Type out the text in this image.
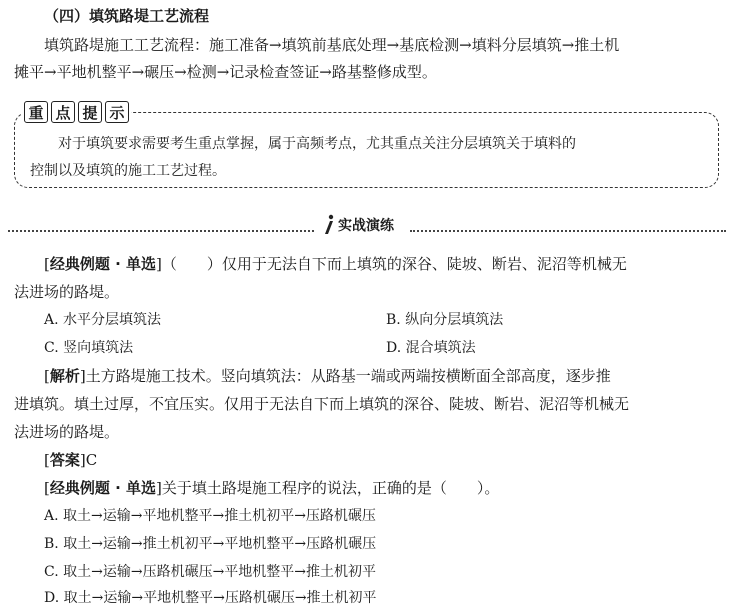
（四）填筑路堤工艺流程
填筑路堤施工工艺流程：施工准备→填筑前基底处理→基底检测→填料分层填筑→推土机
摊平→平地机整平→碾压→检测→记录检查签证→路基整修成型。
重 点 提 示
对于填筑要求需要考生重点掌握，属于高频考点，尤其重点关注分层填筑关于填料的
控制以及填筑的施工工艺过程。
实战演练
[经典例题 · 单选]（　　）仅用于无法自下而上填筑的深谷、陡坡、断岩、泥沼等机械无
法进场的路堤。
A. 水平分层填筑法	B. 纵向分层填筑法
C. 竖向填筑法	D. 混合填筑法
[解析]土方路堤施工技术。竖向填筑法：从路基一端或两端按横断面全部高度，逐步推
进填筑。填土过厚，不宜压实。仅用于无法自下而上填筑的深谷、陡坡、断岩、泥沼等机械无
法进场的路堤。
[答案]C
[经典例题 · 单选]关于填土路堤施工程序的说法，正确的是（　　）。
A. 取土→运输→平地机整平→推土机初平→压路机碾压
B. 取土→运输→推土机初平→平地机整平→压路机碾压
C. 取土→运输→压路机碾压→平地机整平→推土机初平
D. 取土→运输→平地机整平→压路机碾压→推土机初平
